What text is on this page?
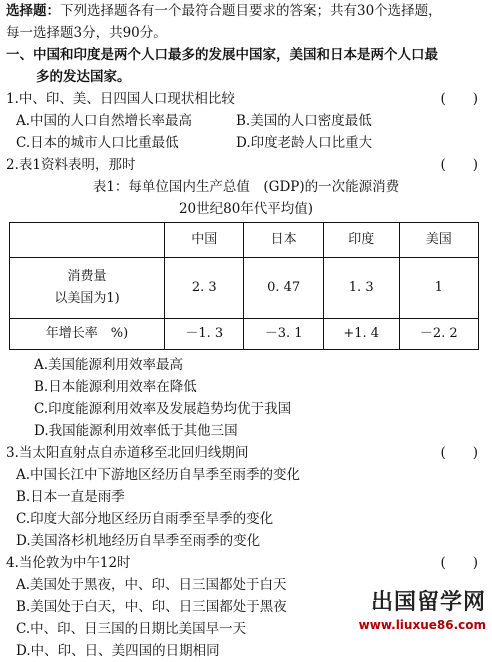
选择题：下列选择题各有一个最符合题目要求的答案；共有30个选择题，
每一选择题3分，共90分。
一、中国和印度是两个人口最多的发展中国家，美国和日本是两个人口最
多的发达国家。
1.中、印、美、日四国人口现状相比较	(　　)
A.中国的人口自然增长率最高	B.美国的人口密度最低
C.日本的城市人口比重最低	D.印度老龄人口比重大
2.表1资料表明，那时	(　　)
表1：每单位国内生产总值　(GDP)的一次能源消费
20世纪80年代平均值)
	中国	日本	印度	美国

消费量
以美国为1)	2. 3	0. 47	1. 3	1
年增长率　%)	－1. 3	－3. 1	+1. 4	－2. 2
A.美国能源利用效率最高
B.日本能源利用效率在降低
C.印度能源利用效率及发展趋势均优于我国
D.我国能源利用效率低于其他三国
3.当太阳直射点自赤道移至北回归线期间	(　　)
A.中国长江中下游地区经历自旱季至雨季的变化
B.日本一直是雨季
C.印度大部分地区经历自雨季至旱季的变化
D.美国洛杉机地经历自旱季至雨季的变化
4.当伦敦为中午12时	(　　)
A.美国处于黑夜，中、印、日三国都处于白天
B.美国处于白天，中、印、日三国都处于黑夜
C.中、印、日三国的日期比美国早一天
D.中、印、日、美四国的日期相同
出国留学网
www.liuxue86.com
